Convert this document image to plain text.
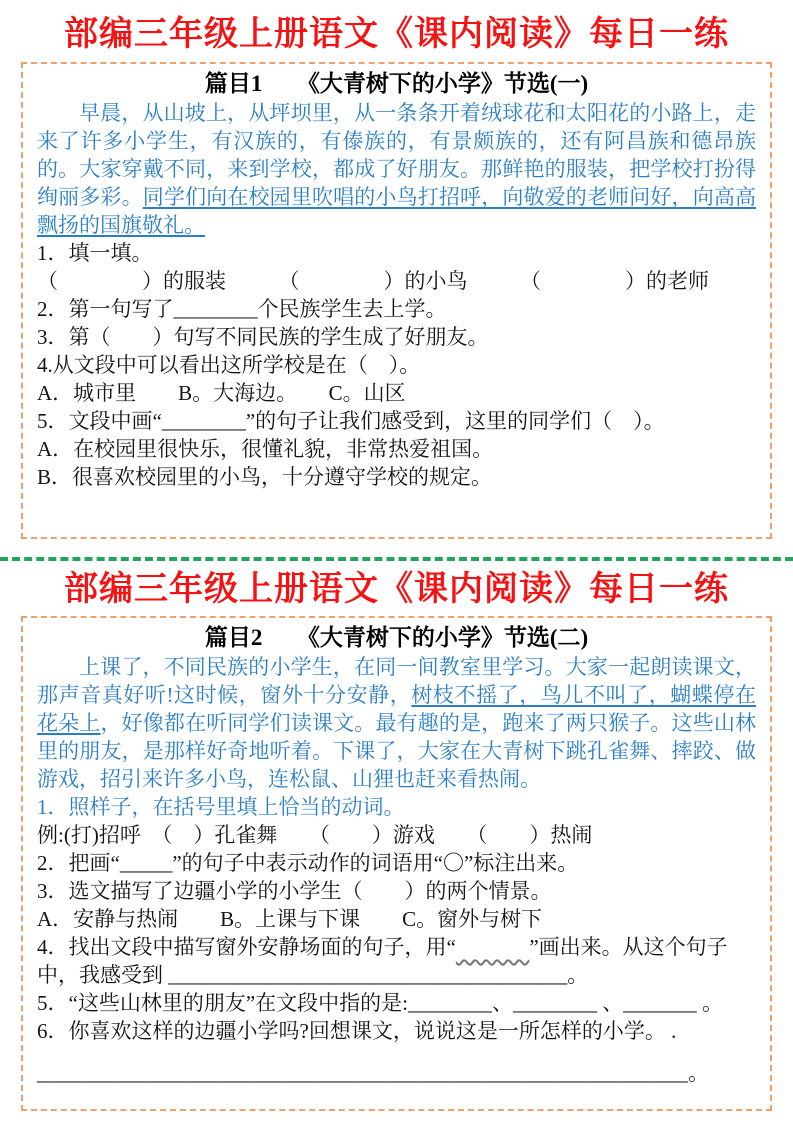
部编三年级上册语文《课内阅读》每日一练
篇目1　　《大青树下的小学》节选(一)

早晨，从山坡上，从坪坝里，从一条条开着绒球花和太阳花的小路上，走来了许多小学生，有汉族的，有傣族的，有景颇族的，还有阿昌族和德昂族的。大家穿戴不同，来到学校，都成了好朋友。那鲜艳的服装，把学校打扮得绚丽多彩。同学们向在校园里吹唱的小鸟打招呼，向敬爱的老师问好，向高高飘扬的国旗敬礼。

1．填一填。
（　　　　）的服装　　　（　　　　）的小鸟　　　（　　　　）的老师
2．第一句写了________个民族学生去上学。
3．第（　　）句写不同民族的学生成了好朋友。
4.从文段中可以看出这所学校是在（　）。
A．城市里　　B。大海边。　　C。山区
5．文段中画“________”的句子让我们感受到，这里的同学们（　）。
A．在校园里很快乐，很懂礼貌，非常热爱祖国。
B．很喜欢校园里的小鸟，十分遵守学校的规定。
部编三年级上册语文《课内阅读》每日一练
篇目2　　《大青树下的小学》节选(二)

上课了，不同民族的小学生，在同一间教室里学习。大家一起朗读课文，那声音真好听!这时候，窗外十分安静，树枝不摇了，鸟儿不叫了，蝴蝶停在花朵上，好像都在听同学们读课文。最有趣的是，跑来了两只猴子。这些山林里的朋友，是那样好奇地听着。下课了，大家在大青树下跳孔雀舞、摔跤、做游戏，招引来许多小鸟，连松鼠、山狸也赶来看热闹。

1．照样子，在括号里填上恰当的动词。
例:(打)招呼　（　）孔雀舞　　（　　）游戏　　（　　）热闹
2．把画“_____”的句子中表示动作的词语用“〇”标注出来。
3．选文描写了边疆小学的小学生（　　）的两个情景。
A．安静与热闹　　B。上课与下课　　C。窗外与树下
4．找出文段中描写窗外安静场面的句子，用“	”画出来。从这个句子中，我感受到 ______________________________________。
5．“这些山林里的朋友”在文段中指的是:________、________ 、_______ 。
6．你喜欢这样的边疆小学吗?回想课文，说说这是一所怎样的小学。 .
______________________________________________________________。
